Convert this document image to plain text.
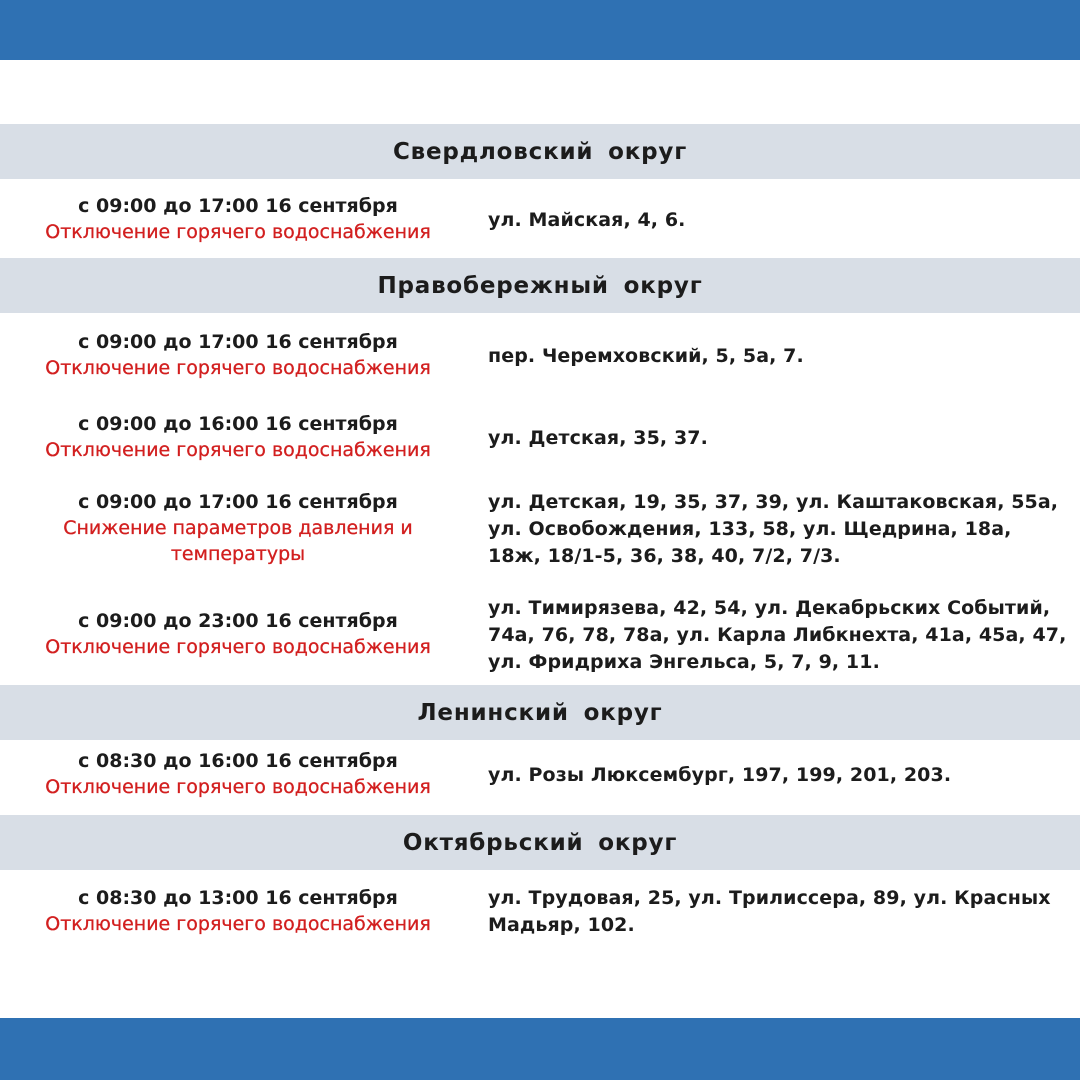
Свердловский округ
с 09:00 до 17:00 16 сентября
Отключение горячего водоснабжения
ул. Майская, 4, 6.
Правобережный округ
с 09:00 до 17:00 16 сентября
Отключение горячего водоснабжения
пер. Черемховский, 5, 5а, 7.
с 09:00 до 16:00 16 сентября
Отключение горячего водоснабжения
ул. Детская, 35, 37.
с 09:00 до 17:00 16 сентября
Снижение параметров давления и температуры
ул. Детская, 19, 35, 37, 39, ул. Каштаковская, 55а, ул. Освобождения, 133, 58, ул. Щедрина, 18а, 18ж, 18/1-5, 36, 38, 40, 7/2, 7/3.
с 09:00 до 23:00 16 сентября
Отключение горячего водоснабжения
ул. Тимирязева, 42, 54, ул. Декабрьских Событий, 74а, 76, 78, 78а, ул. Карла Либкнехта, 41а, 45а, 47, ул. Фридриха Энгельса, 5, 7, 9, 11.
Ленинский округ
с 08:30 до 16:00 16 сентября
Отключение горячего водоснабжения
ул. Розы Люксембург, 197, 199, 201, 203.
Октябрьский округ
с 08:30 до 13:00 16 сентября
Отключение горячего водоснабжения
ул. Трудовая, 25, ул. Трилиссера, 89, ул. Красных Мадьяр, 102.
